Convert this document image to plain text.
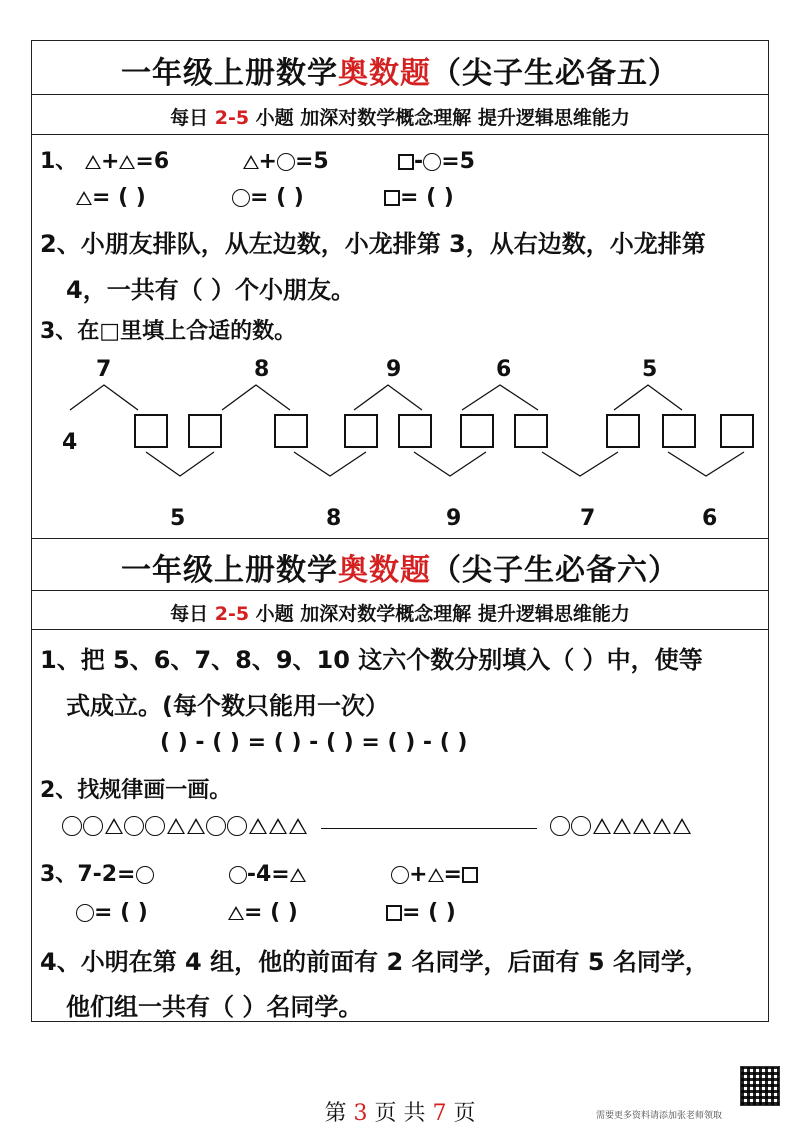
一年级上册数学奥数题（尖子生必备五）
每日 2-5 小题 加深对数学概念理解 提升逻辑思维能力
1、 + =6	+ =5	- =5
= ( )	= ( )	= ( )
2、小朋友排队，从左边数，小龙排第 3，从右边数，小龙排第
4，一共有（ ）个小朋友。
3、在□里填上合适的数。
7	8	9	6	5
4
5	8	9	7	6
一年级上册数学奥数题（尖子生必备六）
每日 2-5 小题 加深对数学概念理解 提升逻辑思维能力
1、把 5、6、7、8、9、10 这六个数分别填入（ ）中，使等
式成立。(每个数只能用一次）
( ) - ( ) = ( ) - ( ) = ( ) - ( )
2、找规律画一画。

3、7-2=	-4=	+ =
= ( )	= ( )	= ( )
4、小明在第 4 组，他的前面有 2 名同学，后面有 5 名同学，
他们组一共有（ ）名同学。
第 3 页 共 7 页	需要更多资料请添加张老师领取
